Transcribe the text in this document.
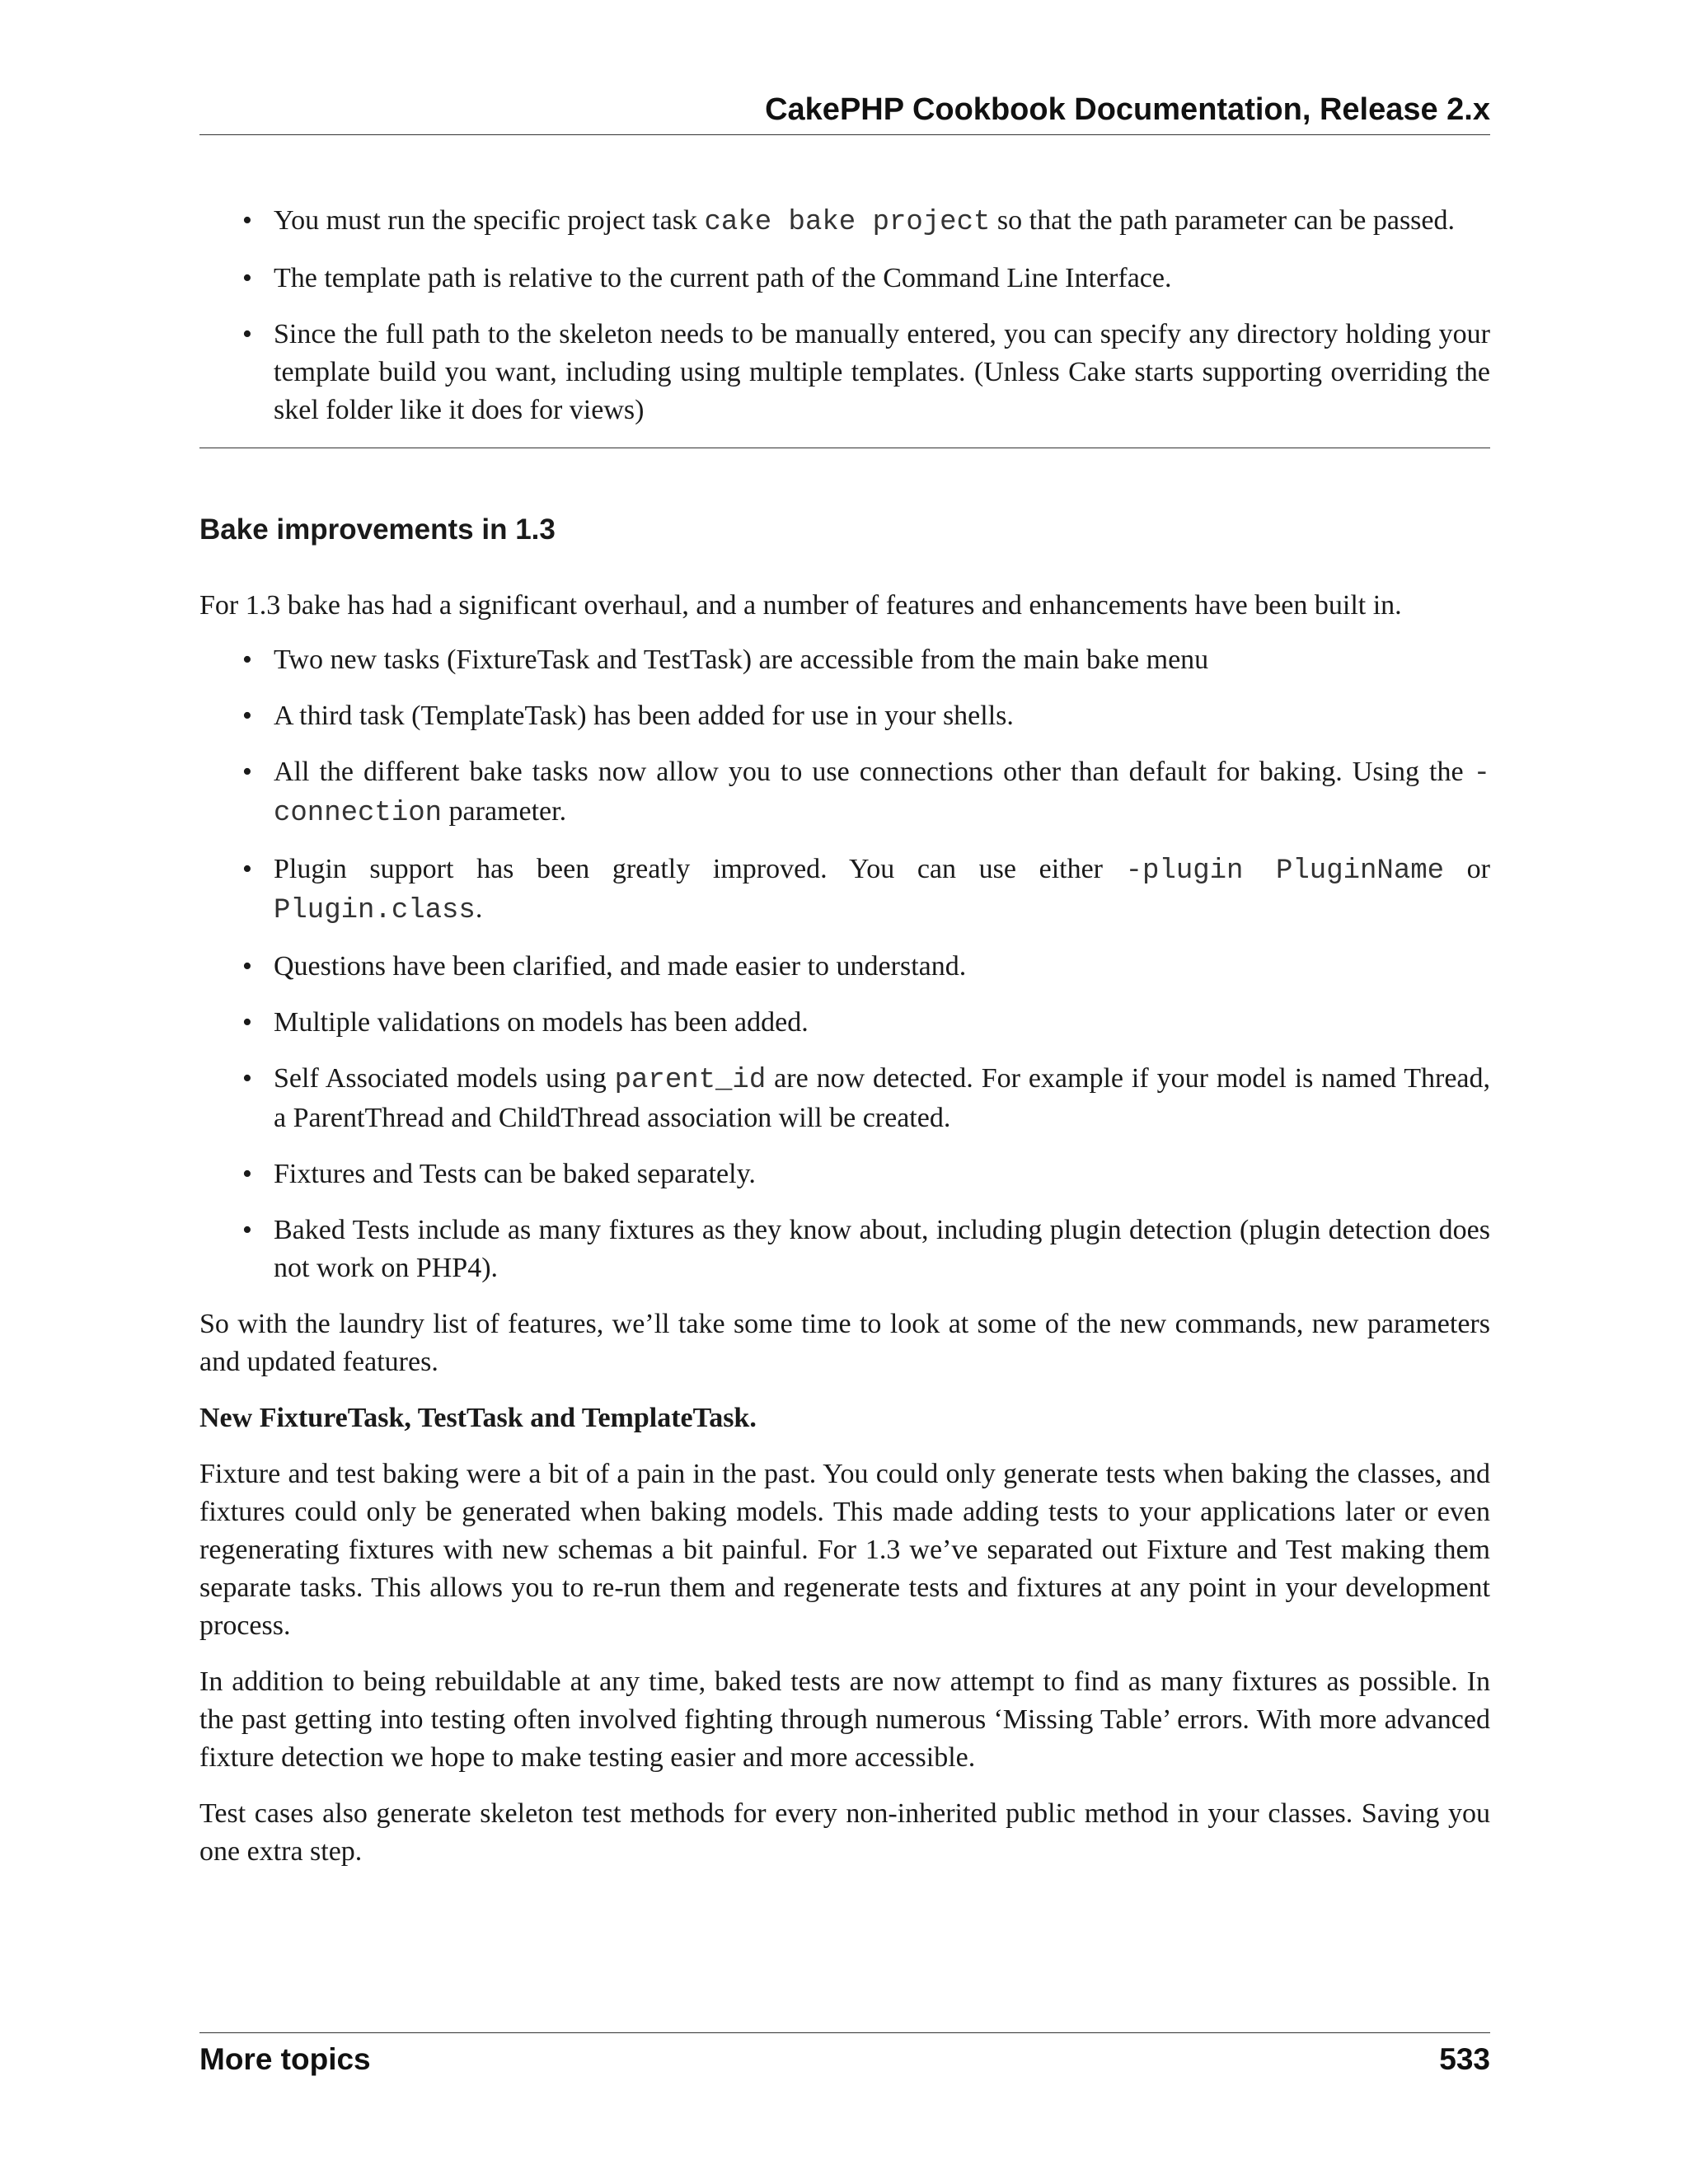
CakePHP Cookbook Documentation, Release 2.x
• You must run the specific project task cake bake project so that the path parameter can be passed.
• The template path is relative to the current path of the Command Line Interface.
• Since the full path to the skeleton needs to be manually entered, you can specify any directory holding your template build you want, including using multiple templates. (Unless Cake starts supporting overriding the skel folder like it does for views)
Bake improvements in 1.3

For 1.3 bake has had a significant overhaul, and a number of features and enhancements have been built in.

• Two new tasks (FixtureTask and TestTask) are accessible from the main bake menu
• A third task (TemplateTask) has been added for use in your shells.
• All the different bake tasks now allow you to use connections other than default for baking. Using the -connection parameter.
• Plugin support has been greatly improved. You can use either -plugin PluginName or Plugin.class.
• Questions have been clarified, and made easier to understand.
• Multiple validations on models has been added.
• Self Associated models using parent_id are now detected. For example if your model is named Thread, a ParentThread and ChildThread association will be created.
• Fixtures and Tests can be baked separately.
• Baked Tests include as many fixtures as they know about, including plugin detection (plugin detection does not work on PHP4).

So with the laundry list of features, we’ll take some time to look at some of the new commands, new parameters and updated features.

New FixtureTask, TestTask and TemplateTask.

Fixture and test baking were a bit of a pain in the past. You could only generate tests when baking the classes, and fixtures could only be generated when baking models. This made adding tests to your applications later or even regenerating fixtures with new schemas a bit painful. For 1.3 we’ve separated out Fixture and Test making them separate tasks. This allows you to re-run them and regenerate tests and fixtures at any point in your development process.

In addition to being rebuildable at any time, baked tests are now attempt to find as many fixtures as possible. In the past getting into testing often involved fighting through numerous ‘Missing Table’ errors. With more advanced fixture detection we hope to make testing easier and more accessible.

Test cases also generate skeleton test methods for every non-inherited public method in your classes. Saving you one extra step.

More topics	533
